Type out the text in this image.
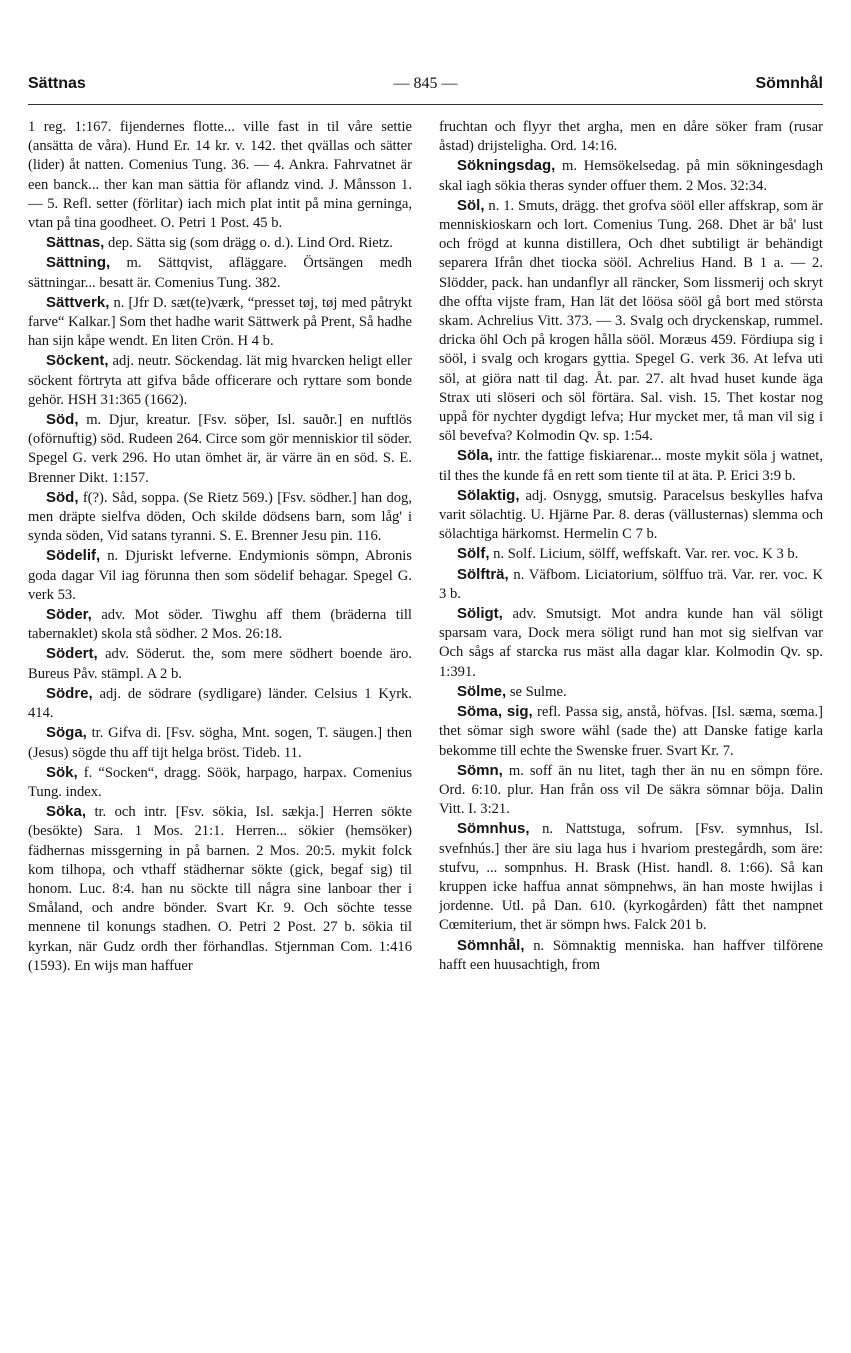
Sättnas	— 845 —	Sömnhål

1 reg. 1:167. fijendernes flotte... ville fast in til våre settie (ansätta de våra). Hund Er. 14 kr. v. 142. thet qvällas och sätter (lider) åt natten. Comenius Tung. 36. — 4. Ankra. Fahrvatnet är een banck... ther kan man sättia för aflandz vind. J. Månsson 1. — 5. Refl. setter (förlitar) iach mich plat intit på mina gerninga, vtan på tina goodheet. O. Petri 1 Post. 45 b.

Sättnas, dep. Sätta sig (som drägg o. d.). Lind Ord. Rietz.

Sättning, m. Sättqvist, afläggare. Örtsängen medh sättningar... besatt är. Comenius Tung. 382.

Sättverk, n. [Jfr D. sæt(te)værk, “presset tøj, tøj med påtrykt farve“ Kalkar.] Som thet hadhe warit Sättwerk på Prent, Så hadhe han sijn kåpe wendt. En liten Crön. H 4 b.

Söckent, adj. neutr. Söckendag. lät mig hvarcken heligt eller söckent förtryta att gifva både officerare och ryttare som bonde gehör. HSH 31:365 (1662).

Söd, m. Djur, kreatur. [Fsv. söþer, Isl. sauðr.] en nuftlös (oförnuftig) söd. Rudeen 264. Circe som gör menniskior til söder. Spegel G. verk 296. Ho utan ömhet är, är värre än en söd. S. E. Brenner Dikt. 1:157.

Söd, f(?). Såd, soppa. (Se Rietz 569.) [Fsv. södher.] han dog, men dräpte sielfva döden, Och skilde dödsens barn, som låg' i synda söden, Vid satans tyranni. S. E. Brenner Jesu pin. 116.

Södelif, n. Djuriskt lefverne. Endymionis sömpn, Abronis goda dagar Vil iag förunna then som södelif behagar. Spegel G. verk 53.

Söder, adv. Mot söder. Tiwghu aff them (bräderna till tabernaklet) skola stå södher. 2 Mos. 26:18.

Södert, adv. Söderut. the, som mere södhert boende äro. Bureus Påv. stämpl. A 2 b.

Södre, adj. de södrare (sydligare) länder. Celsius 1 Kyrk. 414.

Söga, tr. Gifva di. [Fsv. sögha, Mnt. sogen, T. säugen.] then (Jesus) sögde thu aff tijt helga bröst. Tideb. 11.

Sök, f. “Socken“, dragg. Söök, harpago, harpax. Comenius Tung. index.

Söka, tr. och intr. [Fsv. sökia, Isl. sækja.] Herren sökte (besökte) Sara. 1 Mos. 21:1. Herren... sökier (hemsöker) fädhernas missgerning in på barnen. 2 Mos. 20:5. mykit folck kom tilhopa, och vthaff städhernar sökte (gick, begaf sig) til honom. Luc. 8:4. han nu söckte till några sine lanboar ther i Småland, och andre bönder. Svart Kr. 9. Och söchte tesse mennene til konungs stadhen. O. Petri 2 Post. 27 b. sökia til kyrkan, när Gudz ordh ther förhandlas. Stjernman Com. 1:416 (1593). En wijs man haffuer

fruchtan och flyyr thet argha, men en dåre söker fram (rusar åstad) drijsteligha. Ord. 14:16.

Sökningsdag, m. Hemsökelsedag. på min sökningesdagh skal iagh sökia theras synder offuer them. 2 Mos. 32:34.

Söl, n. 1. Smuts, drägg. thet grofva sööl eller affskrap, som är menniskioskarn och lort. Comenius Tung. 268. Dhet är bå' lust och frögd at kunna distillera, Och dhet subtiligt är behändigt separera Ifrån dhet tiocka sööl. Achrelius Hand. B 1 a. — 2. Slödder, pack. han undanflyr all räncker, Som lissmerij och skryt dhe offta vijste fram, Han lät det löösa sööl gå bort med största skam. Achrelius Vitt. 373. — 3. Svalg och dryckenskap, rummel. dricka öhl Och på krogen hålla sööl. Moræus 459. Fördiupa sig i sööl, i svalg och krogars gyttia. Spegel G. verk 36. At lefva uti söl, at giöra natt til dag. Åt. par. 27. alt hvad huset kunde äga Strax uti slöseri och söl förtära. Sal. vish. 15. Thet kostar nog uppå för nychter dygdigt lefva; Hur mycket mer, tå man vil sig i söl bevefva? Kolmodin Qv. sp. 1:54.

Söla, intr. the fattige fiskiarenar... moste mykit söla j watnet, til thes the kunde få en rett som tiente til at äta. P. Erici 3:9 b.

Sölaktig, adj. Osnygg, smutsig. Paracelsus beskylles hafva varit sölachtig. U. Hjärne Par. 8. deras (vällusternas) slemma och sölachtiga härkomst. Hermelin C 7 b.

Sölf, n. Solf. Licium, sölff, weffskaft. Var. rer. voc. K 3 b.

Sölfträ, n. Väfbom. Liciatorium, sölffuo trä. Var. rer. voc. K 3 b.

Söligt, adv. Smutsigt. Mot andra kunde han väl söligt sparsam vara, Dock mera söligt rund han mot sig sielfvan var Och sågs af starcka rus mäst alla dagar klar. Kolmodin Qv. sp. 1:391.

Sölme, se Sulme.

Söma, sig, refl. Passa sig, anstå, höfvas. [Isl. sæma, sœma.] thet sömar sigh swore wähl (sade the) att Danske fatige karla bekomme till echte the Swenske fruer. Svart Kr. 7.

Sömn, m. soff än nu litet, tagh ther än nu en sömpn före. Ord. 6:10. plur. Han från oss vil De säkra sömnar böja. Dalin Vitt. I. 3:21.

Sömnhus, n. Nattstuga, sofrum. [Fsv. symnhus, Isl. svefnhús.] ther äre siu laga hus i hvariom prestegårdh, som äre: stufvu, ... sompnhus. H. Brask (Hist. handl. 8. 1:66). Så kan kruppen icke haffua annat sömpnehws, än han moste hwijlas i jordenne. Utl. på Dan. 610. (kyrkogården) fått thet nampnet Cœmiterium, thet är sömpn hws. Falck 201 b.

Sömnhål, n. Sömnaktig menniska. han haffver tilförene hafft een huusachtigh, from
